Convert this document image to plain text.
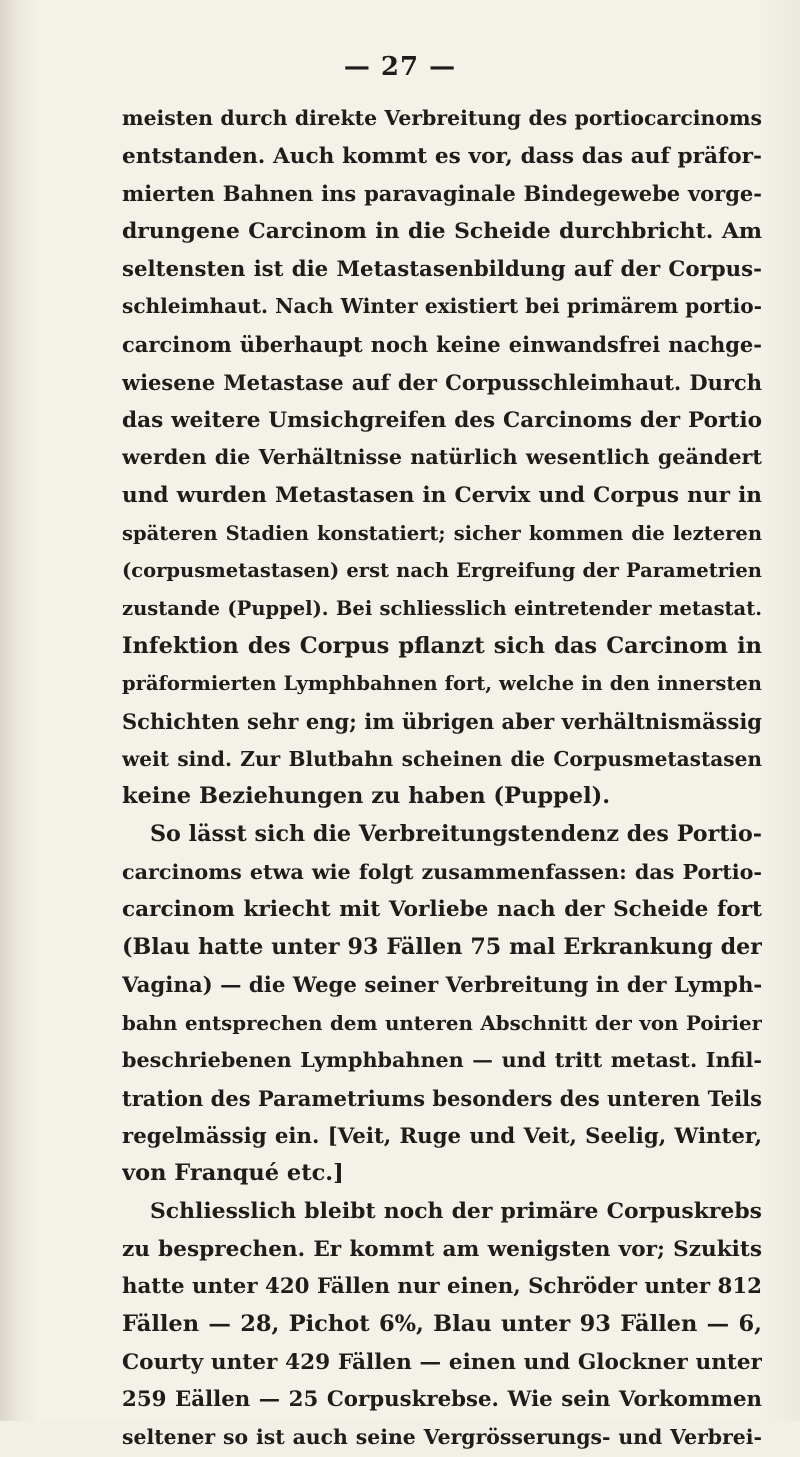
— 27 —
meisten durch direkte Verbreitung des portiocarcinoms
entstanden. Auch kommt es vor, dass das auf präfor-
mierten Bahnen ins paravaginale Bindegewebe vorge-
drungene Carcinom in die Scheide durchbricht. Am
seltensten ist die Metastasenbildung auf der Corpus-
schleimhaut. Nach Winter existiert bei primärem portio-
carcinom überhaupt noch keine einwandsfrei nachge-
wiesene Metastase auf der Corpusschleimhaut. Durch
das weitere Umsichgreifen des Carcinoms der Portio
werden die Verhältnisse natürlich wesentlich geändert
und wurden Metastasen in Cervix und Corpus nur in
späteren Stadien konstatiert; sicher kommen die lezteren
(corpusmetastasen) erst nach Ergreifung der Parametrien
zustande (Puppel). Bei schliesslich eintretender metastat.
Infektion des Corpus pflanzt sich das Carcinom in
präformierten Lymphbahnen fort, welche in den innersten
Schichten sehr eng; im übrigen aber verhältnismässig
weit sind. Zur Blutbahn scheinen die Corpusmetastasen
keine Beziehungen zu haben (Puppel).
So lässt sich die Verbreitungstendenz des Portio-
carcinoms etwa wie folgt zusammenfassen: das Portio-
carcinom kriecht mit Vorliebe nach der Scheide fort
(Blau hatte unter 93 Fällen 75 mal Erkrankung der
Vagina) — die Wege seiner Verbreitung in der Lymph-
bahn entsprechen dem unteren Abschnitt der von Poirier
beschriebenen Lymphbahnen — und tritt metast. Infil-
tration des Parametriums besonders des unteren Teils
regelmässig ein. [Veit, Ruge und Veit, Seelig, Winter,
von Franqué etc.]
Schliesslich bleibt noch der primäre Corpuskrebs
zu besprechen. Er kommt am wenigsten vor; Szukits
hatte unter 420 Fällen nur einen, Schröder unter 812
Fällen — 28, Pichot 6%, Blau unter 93 Fällen — 6,
Courty unter 429 Fällen — einen und Glockner unter
259 Eällen — 25 Corpuskrebse. Wie sein Vorkommen
seltener so ist auch seine Vergrösserungs- und Verbrei-
